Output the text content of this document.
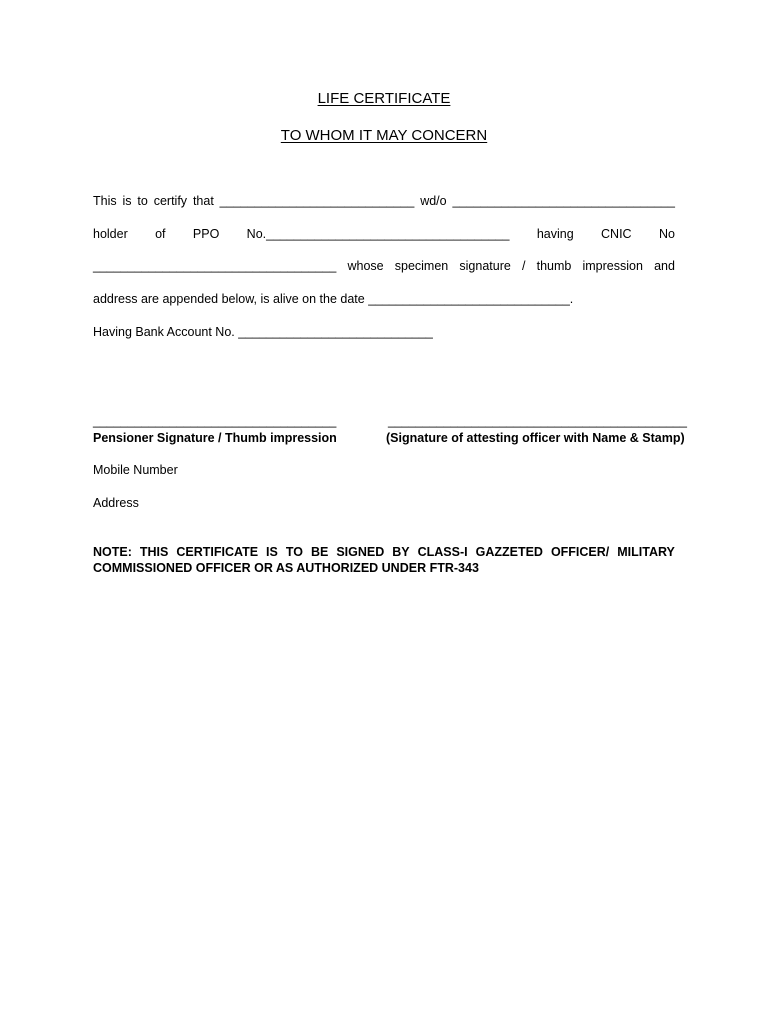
LIFE CERTIFICATE
TO WHOM IT MAY CONCERN
This is to certify that ____________________________ wd/o ________________________________
holder of PPO No.___________________________________ having CNIC No
___________________________________ whose specimen signature / thumb impression and
address are appended below, is alive on the date _____________________________.
Having Bank Account No. ____________________________
___________________________________
Pensioner Signature / Thumb impression
___________________________________________
(Signature of attesting officer with Name & Stamp)
Mobile Number
Address
NOTE: THIS CERTIFICATE IS TO BE SIGNED BY CLASS-I GAZZETED OFFICER/ MILITARY
COMMISSIONED OFFICER OR AS AUTHORIZED UNDER FTR-343
